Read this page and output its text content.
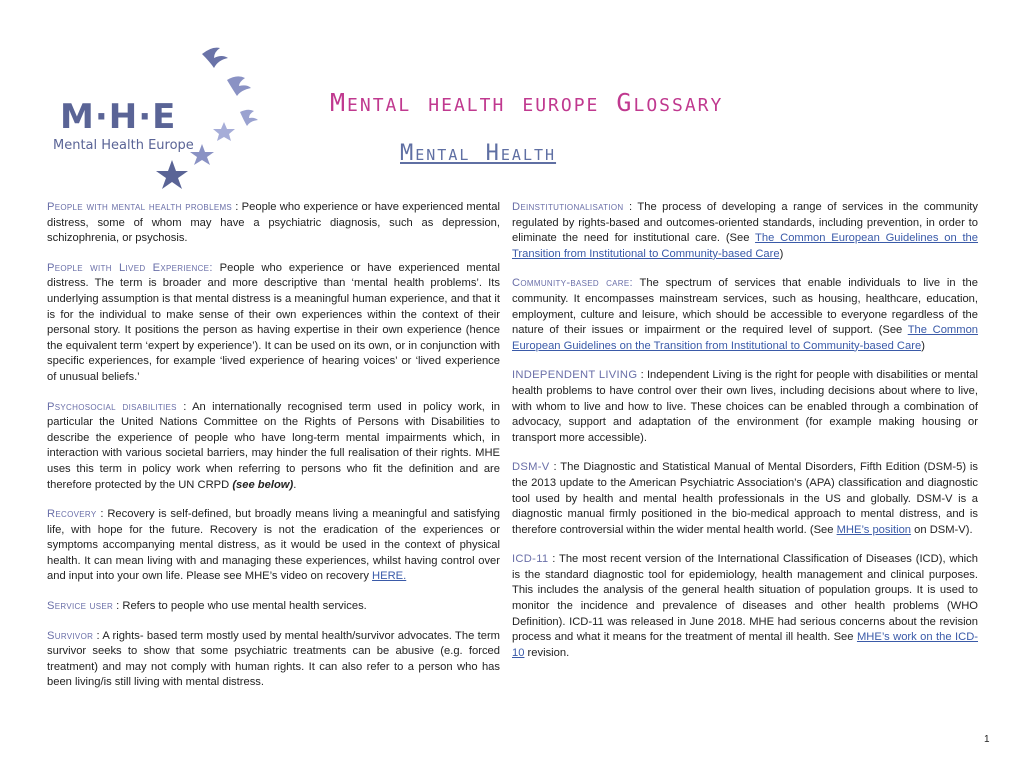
M·H·E
Mental Health Europe
Mental health europe Glossary
Mental Health

People with mental health problems : People who experience or have experienced mental distress, some of whom may have a psychiatric diagnosis, such as depression, schizophrenia, or psychosis.

People with Lived Experience: People who experience or have experienced mental distress. The term is broader and more descriptive than ‘mental health problems’. Its underlying assumption is that mental distress is a meaningful human experience, and that it is for the individual to make sense of their own experiences within the context of their personal story. It positions the person as having expertise in their own experience (hence the equivalent term ‘expert by experience’). It can be used on its own, or in conjunction with specific experiences, for example ‘lived experience of hearing voices’ or ‘lived experience of unusual beliefs.’

Psychosocial disabilities : An internationally recognised term used in policy work, in particular the United Nations Committee on the Rights of Persons with Disabilities to describe the experience of people who have long-term mental impairments which, in interaction with various societal barriers, may hinder the full realisation of their rights. MHE uses this term in policy work when referring to persons who fit the definition and are therefore protected by the UN CRPD (see below).

Recovery : Recovery is self-defined, but broadly means living a meaningful and satisfying life, with hope for the future. Recovery is not the eradication of the experiences or symptoms accompanying mental distress, as it would be used in the context of physical health. It can mean living with and managing these experiences, whilst having control over and input into your own life. Please see MHE’s video on recovery HERE.

Service user : Refers to people who use mental health services.

Survivor : A rights- based term mostly used by mental health/survivor advocates. The term survivor seeks to show that some psychiatric treatments can be abusive (e.g. forced treatment) and may not comply with human rights. It can also refer to a person who has been living/is still living with mental distress.

Deinstitutionalisation : The process of developing a range of services in the community regulated by rights-based and outcomes-oriented standards, including prevention, in order to eliminate the need for institutional care. (See The Common European Guidelines on the Transition from Institutional to Community-based Care)

Community-based care: The spectrum of services that enable individuals to live in the community. It encompasses mainstream services, such as housing, healthcare, education, employment, culture and leisure, which should be accessible to everyone regardless of the nature of their issues or impairment or the required level of support. (See The Common European Guidelines on the Transition from Institutional to Community-based Care)

INDEPENDENT LIVING : Independent Living is the right for people with disabilities or mental health problems to have control over their own lives, including decisions about where to live, with whom to live and how to live. These choices can be enabled through a combination of advocacy, support and adaptation of the environment (for example making housing or transport more accessible).

DSM-V : The Diagnostic and Statistical Manual of Mental Disorders, Fifth Edition (DSM-5) is the 2013 update to the American Psychiatric Association’s (APA) classification and diagnostic tool used by health and mental health professionals in the US and globally. DSM-V is a diagnostic manual firmly positioned in the bio-medical approach to mental distress, and is therefore controversial within the wider mental health world. (See MHE’s position on DSM-V).

ICD-11 : The most recent version of the International Classification of Diseases (ICD), which is the standard diagnostic tool for epidemiology, health management and clinical purposes. This includes the analysis of the general health situation of population groups. It is used to monitor the incidence and prevalence of diseases and other health problems (WHO Definition). ICD-11 was released in June 2018. MHE had serious concerns about the revision process and what it means for the treatment of mental ill health. See MHE’s work on the ICD-10 revision.

1
